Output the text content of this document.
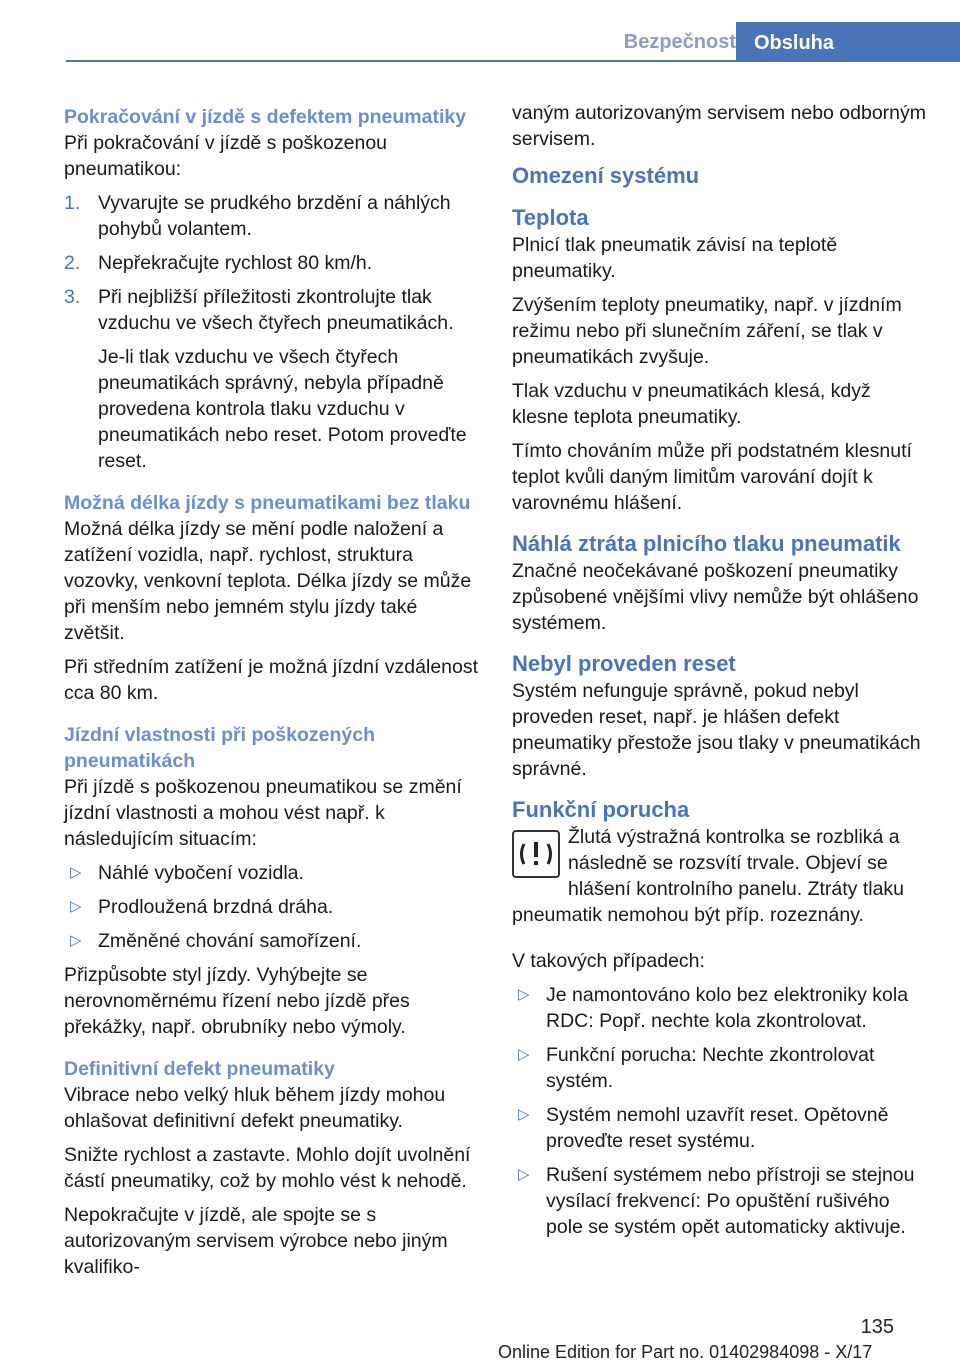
Bezpečnost Obsluha
Pokračování v jízdě s defektem pneumatiky

Při pokračování v jízdě s poškozenou pneumatikou:

1. Vyvarujte se prudkého brzdění a náhlých pohybů volantem.
2. Nepřekračujte rychlost 80 km/h.
3. Při nejbližší příležitosti zkontrolujte tlak vzduchu ve všech čtyřech pneumatikách.

Je-li tlak vzduchu ve všech čtyřech pneumatikách správný, nebyla případně provedena kontrola tlaku vzduchu v pneumatikách nebo reset. Potom proveďte reset.

Možná délka jízdy s pneumatikami bez tlaku

Možná délka jízdy se mění podle naložení a zatížení vozidla, např. rychlost, struktura vozovky, venkovní teplota. Délka jízdy se může při menším nebo jemném stylu jízdy také zvětšit.

Při středním zatížení je možná jízdní vzdálenost cca 80 km.

Jízdní vlastnosti při poškozených pneumatikách

Při jízdě s poškozenou pneumatikou se změní jízdní vlastnosti a mohou vést např. k následujícím situacím:

▷ Náhlé vybočení vozidla.
▷ Prodloužená brzdná dráha.
▷ Změněné chování samořízení.

Přizpůsobte styl jízdy. Vyhýbejte se nerovnoměrnému řízení nebo jízdě přes překážky, např. obrubníky nebo výmoly.

Definitivní defekt pneumatiky

Vibrace nebo velký hluk během jízdy mohou ohlašovat definitivní defekt pneumatiky.

Snižte rychlost a zastavte. Mohlo dojít uvolnění částí pneumatiky, což by mohlo vést k nehodě.

Nepokračujte v jízdě, ale spojte se s autorizovaným servisem výrobce nebo jiným kvalifiko-

vaným autorizovaným servisem nebo odborným servisem.

Omezení systému
Teplota

Plnicí tlak pneumatik závisí na teplotě pneumatiky.

Zvýšením teploty pneumatiky, např. v jízdním režimu nebo při slunečním záření, se tlak v pneumatikách zvyšuje.

Tlak vzduchu v pneumatikách klesá, když klesne teplota pneumatiky.

Tímto chováním může při podstatném klesnutí teplot kvůli daným limitům varování dojít k varovnému hlášení.

Náhlá ztráta plnicího tlaku pneumatik

Značné neočekávané poškození pneumatiky způsobené vnějšími vlivy nemůže být ohlášeno systémem.

Nebyl proveden reset

Systém nefunguje správně, pokud nebyl proveden reset, např. je hlášen defekt pneumatiky přestože jsou tlaky v pneumatikách správné.

Funkční porucha

Žlutá výstražná kontrolka se rozbliká a následně se rozsvítí trvale. Objeví se hlášení kontrolního panelu. Ztráty tlaku pneumatik nemohou být příp. rozeznány.

V takových případech:

▷ Je namontováno kolo bez elektroniky kola RDC: Popř. nechte kola zkontrolovat.
▷ Funkční porucha: Nechte zkontrolovat systém.
▷ Systém nemohl uzavřít reset. Opětovně proveďte reset systému.
▷ Rušení systémem nebo přístroji se stejnou vysílací frekvencí: Po opuštění rušivého pole se systém opět automaticky aktivuje.
135
Online Edition for Part no. 01402984098 - X/17
